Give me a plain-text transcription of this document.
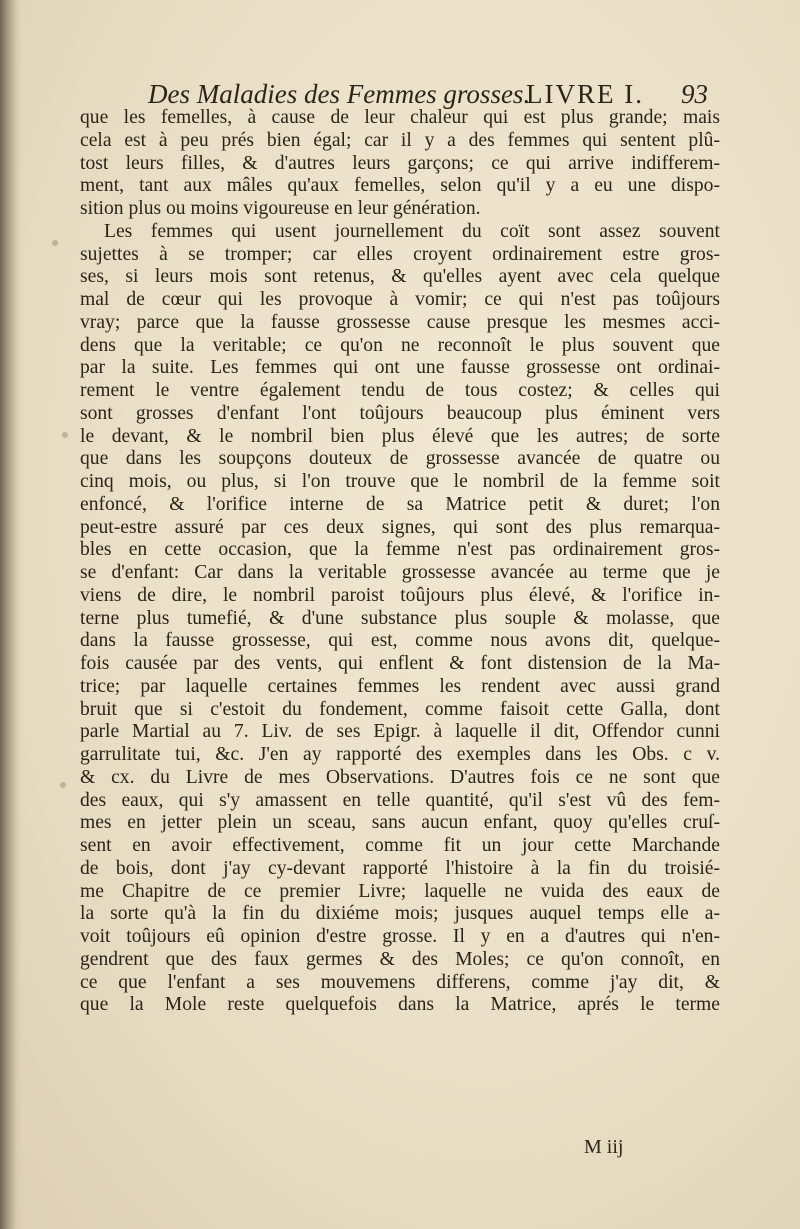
Des Maladies des Femmes grosses.
LIVRE I. 93
que les femelles, à cause de leur chaleur qui est plus grande; mais
cela est à peu prés bien égal; car il y a des femmes qui sentent plû-
tost leurs filles, & d'autres leurs garçons; ce qui arrive indifferem-
ment, tant aux mâles qu'aux femelles, selon qu'il y a eu une dispo-
sition plus ou moins vigoureuse en leur génération.
Les femmes qui usent journellement du coït sont assez souvent
sujettes à se tromper; car elles croyent ordinairement estre gros-
ses, si leurs mois sont retenus, & qu'elles ayent avec cela quelque
mal de cœur qui les provoque à vomir; ce qui n'est pas toûjours
vray; parce que la fausse grossesse cause presque les mesmes acci-
dens que la veritable; ce qu'on ne reconnoît le plus souvent que
par la suite. Les femmes qui ont une fausse grossesse ont ordinai-
rement le ventre également tendu de tous costez; & celles qui
sont grosses d'enfant l'ont toûjours beaucoup plus éminent vers
le devant, & le nombril bien plus élevé que les autres; de sorte
que dans les soupçons douteux de grossesse avancée de quatre ou
cinq mois, ou plus, si l'on trouve que le nombril de la femme soit
enfoncé, & l'orifice interne de sa Matrice petit & duret; l'on
peut-estre assuré par ces deux signes, qui sont des plus remarqua-
bles en cette occasion, que la femme n'est pas ordinairement gros-
se d'enfant: Car dans la veritable grossesse avancée au terme que je
viens de dire, le nombril paroist toûjours plus élevé, & l'orifice in-
terne plus tumefié, & d'une substance plus souple & molasse, que
dans la fausse grossesse, qui est, comme nous avons dit, quelque-
fois causée par des vents, qui enflent & font distension de la Ma-
trice; par laquelle certaines femmes les rendent avec aussi grand
bruit que si c'estoit du fondement, comme faisoit cette Galla, dont
parle Martial au 7. Liv. de ses Epigr. à laquelle il dit, Offendor cunni
garrulitate tui, &c. J'en ay rapporté des exemples dans les Obs. c v.
& cx. du Livre de mes Observations. D'autres fois ce ne sont que
des eaux, qui s'y amassent en telle quantité, qu'il s'est vû des fem-
mes en jetter plein un sceau, sans aucun enfant, quoy qu'elles cruſ-
sent en avoir effectivement, comme fit un jour cette Marchande
de bois, dont j'ay cy-devant rapporté l'histoire à la fin du troisié-
me Chapitre de ce premier Livre; laquelle ne vuida des eaux de
la sorte qu'à la fin du dixiéme mois; jusques auquel temps elle a-
voit toûjours eû opinion d'estre grosse. Il y en a d'autres qui n'en-
gendrent que des faux germes & des Moles; ce qu'on connoît, en
ce que l'enfant a ses mouvemens differens, comme j'ay dit, &
que la Mole reste quelquefois dans la Matrice, aprés le terme
M iij
